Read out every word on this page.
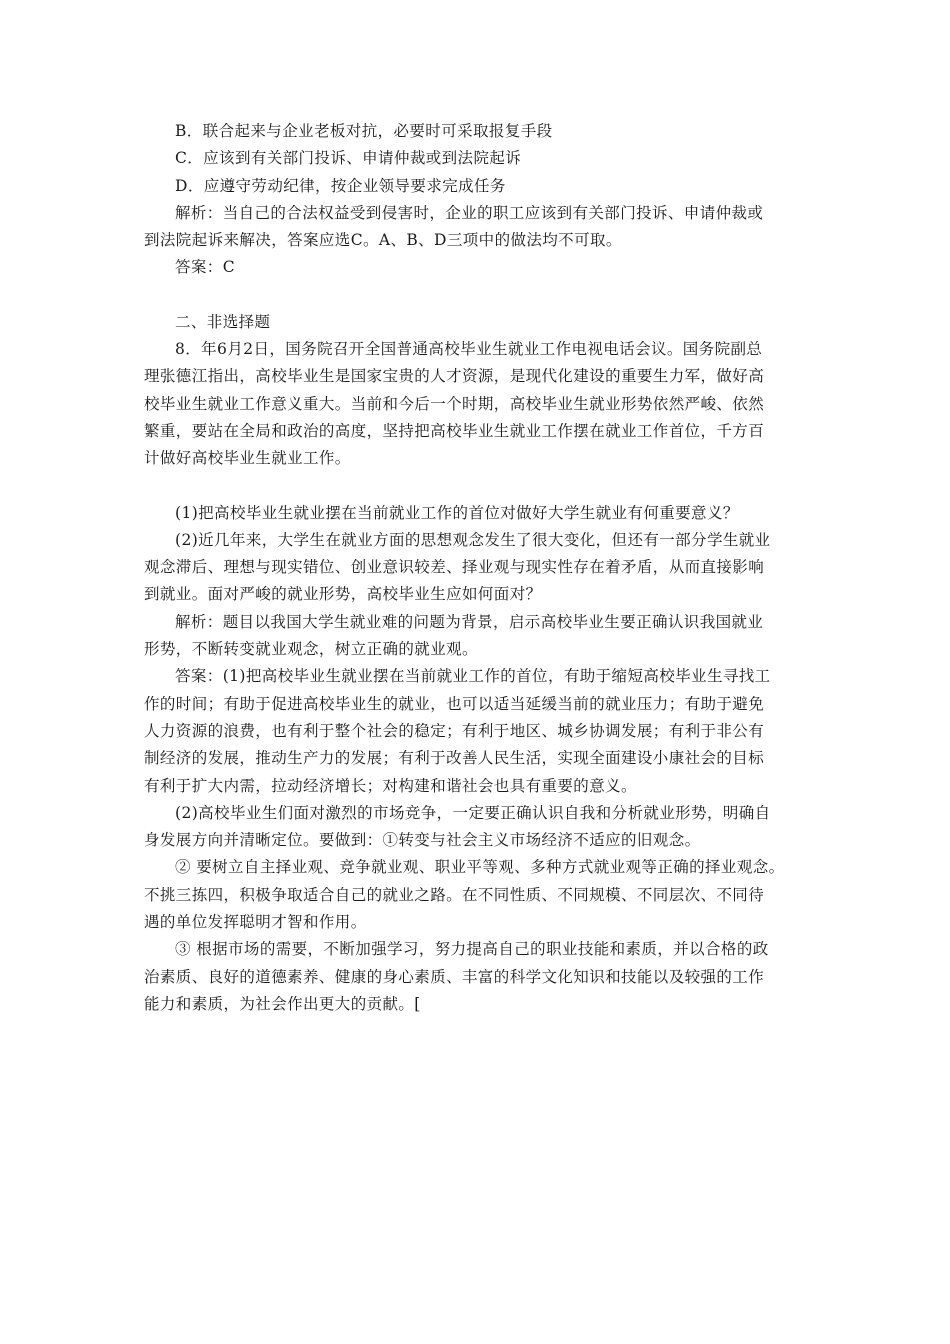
B．联合起来与企业老板对抗，必要时可采取报复手段

C．应该到有关部门投诉、申请仲裁或到法院起诉

D．应遵守劳动纪律，按企业领导要求完成任务

解析：当自己的合法权益受到侵害时，企业的职工应该到有关部门投诉、申请仲裁或

到法院起诉来解决，答案应选C。A、B、D三项中的做法均不可取。

答案：C

二、非选择题

8．年6月2日，国务院召开全国普通高校毕业生就业工作电视电话会议。国务院副总

理张德江指出，高校毕业生是国家宝贵的人才资源，是现代化建设的重要生力军，做好高

校毕业生就业工作意义重大。当前和今后一个时期，高校毕业生就业形势依然严峻、依然

繁重，要站在全局和政治的高度，坚持把高校毕业生就业工作摆在就业工作首位，千方百

计做好高校毕业生就业工作。

(1)把高校毕业生就业摆在当前就业工作的首位对做好大学生就业有何重要意义？

(2)近几年来，大学生在就业方面的思想观念发生了很大变化，但还有一部分学生就业

观念滞后、理想与现实错位、创业意识较差、择业观与现实性存在着矛盾，从而直接影响

到就业。面对严峻的就业形势，高校毕业生应如何面对？

解析：题目以我国大学生就业难的问题为背景，启示高校毕业生要正确认识我国就业

形势，不断转变就业观念，树立正确的就业观。

答案：(1)把高校毕业生就业摆在当前就业工作的首位，有助于缩短高校毕业生寻找工

作的时间；有助于促进高校毕业生的就业，也可以适当延缓当前的就业压力；有助于避免

人力资源的浪费，也有利于整个社会的稳定；有利于地区、城乡协调发展；有利于非公有

制经济的发展，推动生产力的发展；有利于改善人民生活，实现全面建设小康社会的目标

有利于扩大内需，拉动经济增长；对构建和谐社会也具有重要的意义。

(2)高校毕业生们面对激烈的市场竞争，一定要正确认识自我和分析就业形势，明确自

身发展方向并清晰定位。要做到：①转变与社会主义市场经济不适应的旧观念。

② 要树立自主择业观、竞争就业观、职业平等观、多种方式就业观等正确的择业观念。

不挑三拣四，积极争取适合自己的就业之路。在不同性质、不同规模、不同层次、不同待

遇的单位发挥聪明才智和作用。

③ 根据市场的需要，不断加强学习，努力提高自己的职业技能和素质，并以合格的政

治素质、良好的道德素养、健康的身心素质、丰富的科学文化知识和技能以及较强的工作

能力和素质，为社会作出更大的贡献。[
